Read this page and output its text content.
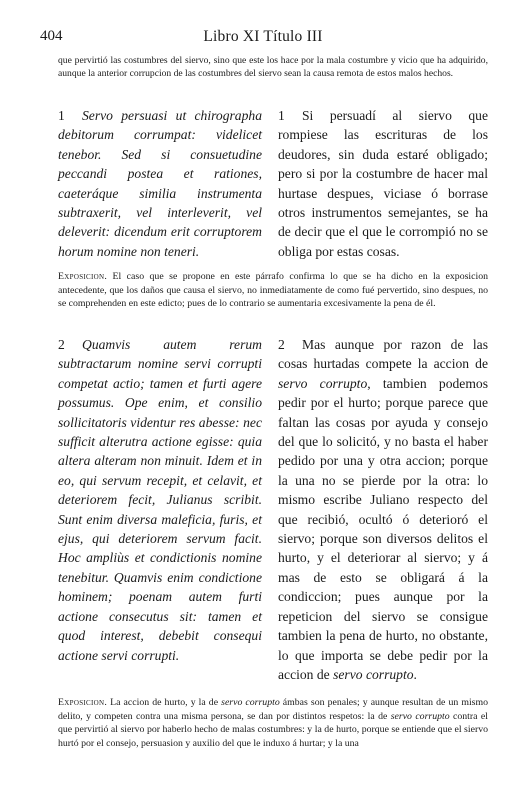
404	Libro XI Título III
que pervirtió las costumbres del siervo, sino que este los hace por la mala costumbre y vicio que ha adquirido, aunque la anterior corrupcion de las costumbres del siervo sean la causa remota de estos malos hechos.
1 Servo persuasi ut chirographa debitorum corrumpat: videlicet tenebor. Sed si consuetudine peccandi postea et rationes, caeteráque similia instrumenta subtraxerit, vel interleverit, vel deleverit: dicendum erit corruptorem horum nomine non teneri.
1 Si persuadí al siervo que rompiese las escrituras de los deudores, sin duda estaré obligado; pero si por la costumbre de hacer mal hurtase despues, viciase ó borrase otros instrumentos semejantes, se ha de decir que el que le corrompió no se obliga por estas cosas.
Exposicion. El caso que se propone en este párrafo confirma lo que se ha dicho en la exposicion antecedente, que los daños que causa el siervo, no inmediatamente de como fué pervertido, sino despues, no se comprehenden en este edicto; pues de lo contrario se aumentaria excesivamente la pena de él.
2 Quamvis autem rerum subtractarum nomine servi corrupti competat actio; tamen et furti agere possumus. Ope enim, et consilio sollicitatoris videntur res abesse: nec sufficit alterutra actione egisse: quia altera alteram non minuit. Idem et in eo, qui servum recepit, et celavit, et deteriorem fecit, Julianus scribit. Sunt enim diversa maleficia, furis, et ejus, qui deteriorem servum facit. Hoc ampliùs et condictionis nomine tenebitur. Quamvis enim condictione hominem; poenam autem furti actione consecutus sit: tamen et quod interest, debebit consequi actione servi corrupti.
2 Mas aunque por razon de las cosas hurtadas compete la accion de servo corrupto, tambien podemos pedir por el hurto; porque parece que faltan las cosas por ayuda y consejo del que lo solicitó, y no basta el haber pedido por una y otra accion; porque la una no se pierde por la otra: lo mismo escribe Juliano respecto del que recibió, ocultó ó deterioró el siervo; porque son diversos delitos el hurto, y el deteriorar al siervo; y á mas de esto se obligará á la condiccion; pues aunque por la repeticion del siervo se consigue tambien la pena de hurto, no obstante, lo que importa se debe pedir por la accion de servo corrupto.
Exposicion. La accion de hurto, y la de servo corrupto ámbas son penales; y aunque resultan de un mismo delito, y competen contra una misma persona, se dan por distintos respetos: la de servo corrupto contra el que pervirtió al siervo por haberlo hecho de malas costumbres: y la de hurto, porque se entiende que el siervo hurtó por el consejo, persuasion y auxilio del que le induxo á hurtar; y la una
